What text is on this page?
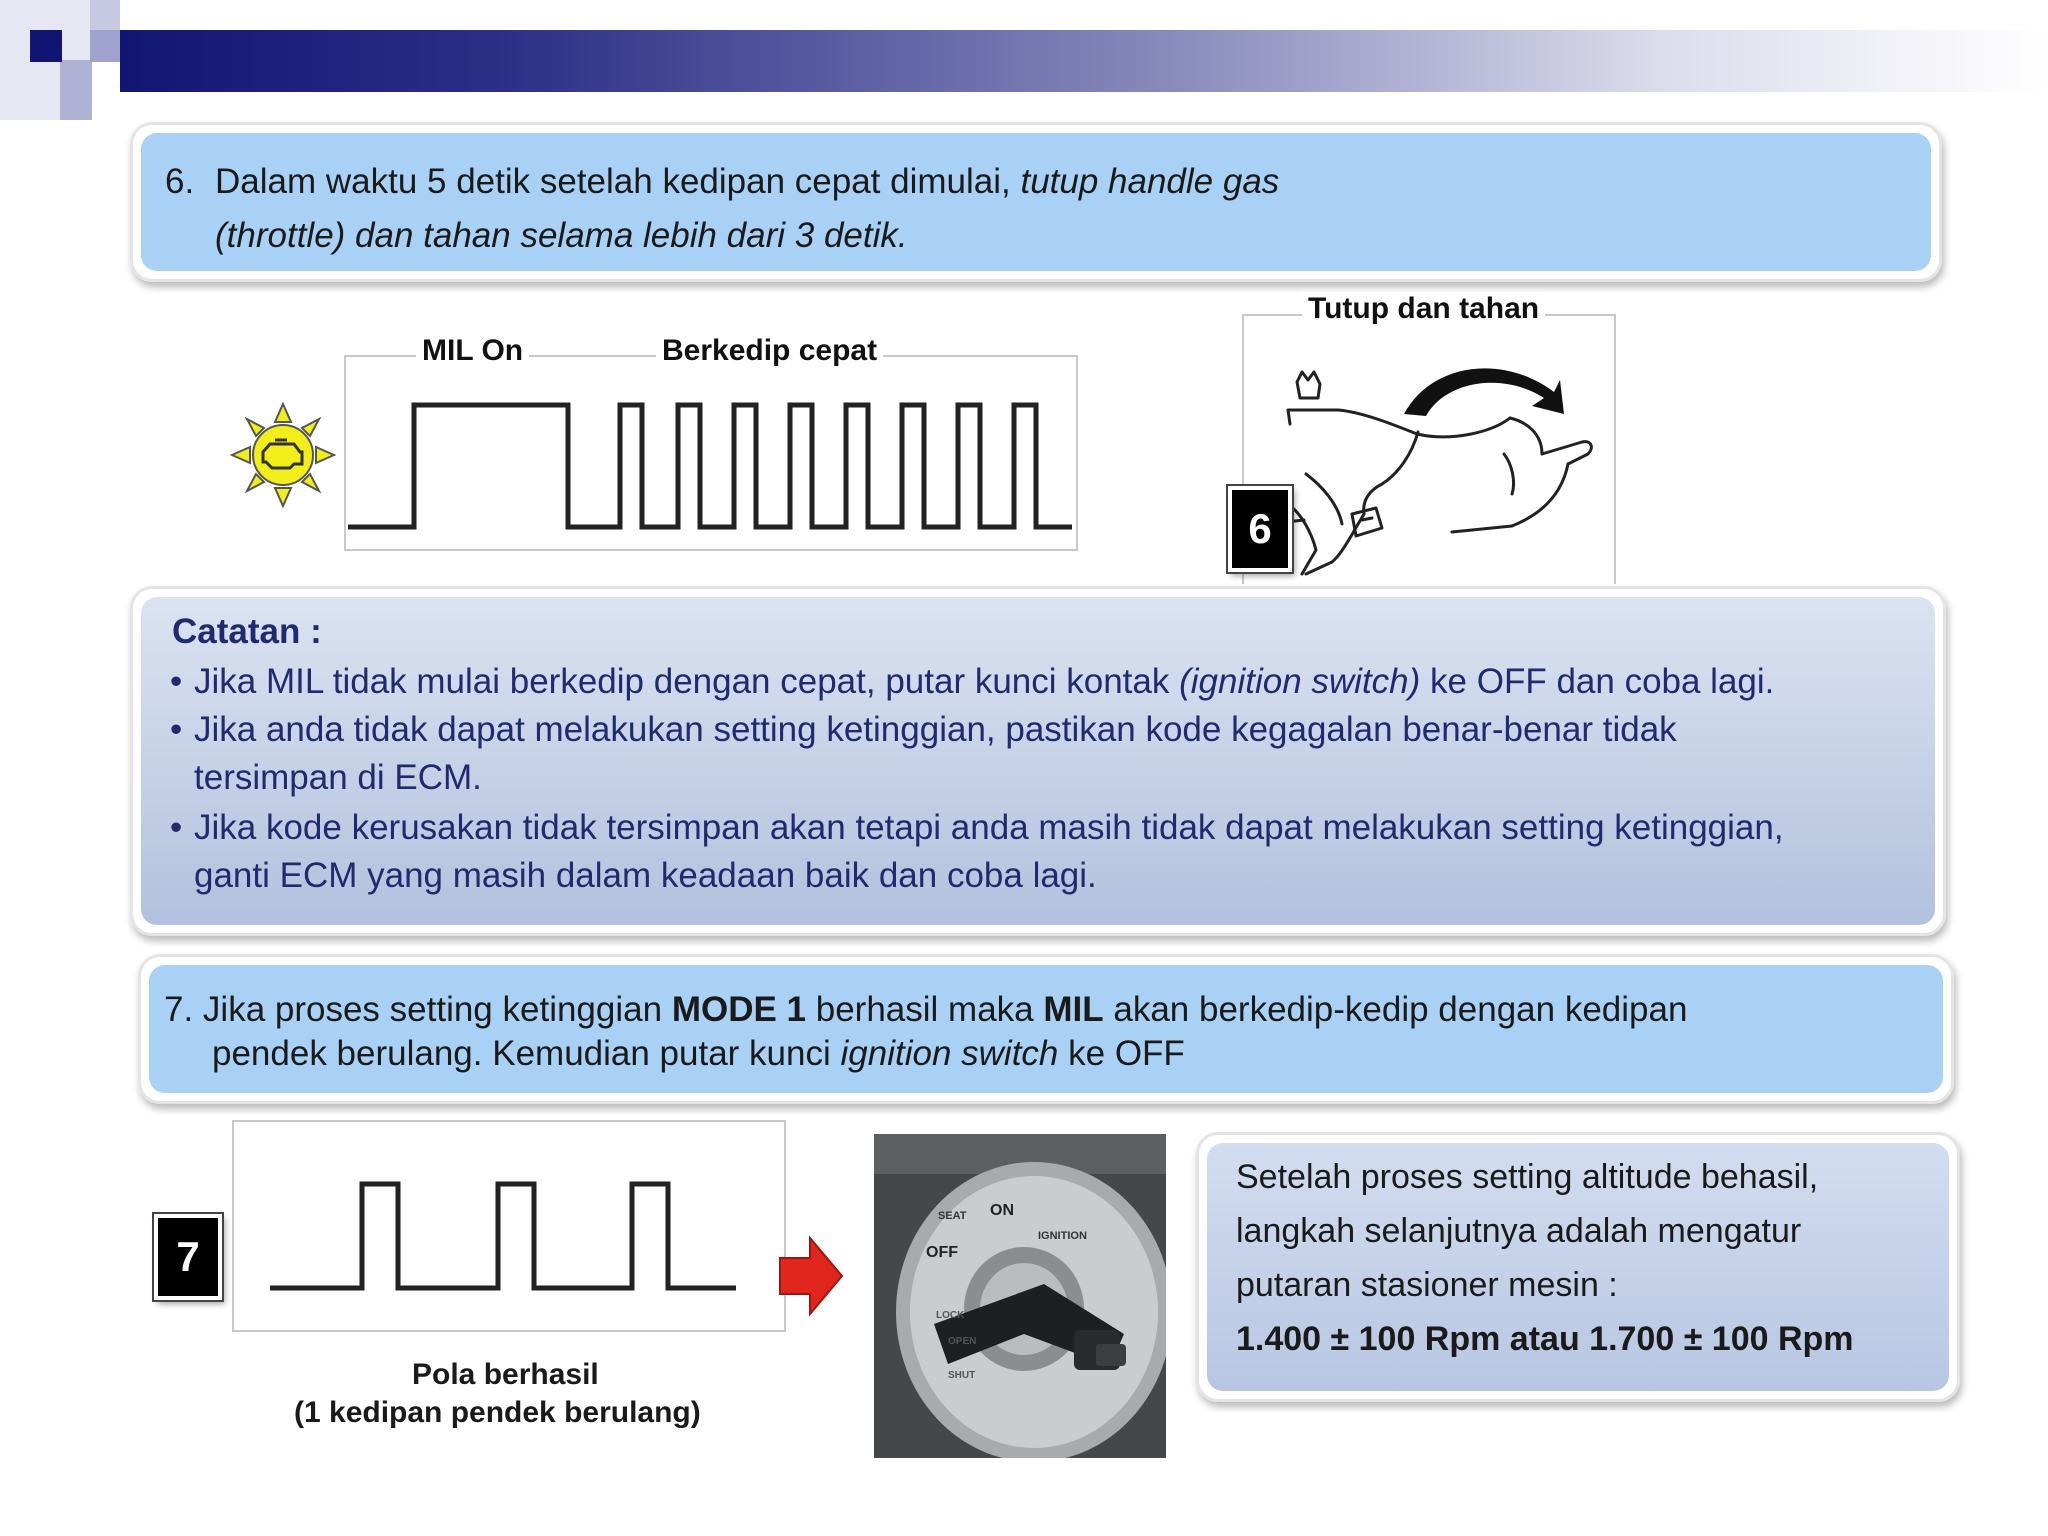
6. Dalam waktu 5 detik setelah kedipan cepat dimulai, tutup handle gas
(throttle) dan tahan selama lebih dari 3 detik.
MIL On	Berkedip cepat
Tutup dan tahan
6
Catatan :
• Jika MIL tidak mulai berkedip dengan cepat, putar kunci kontak (ignition switch) ke OFF dan coba lagi.
• Jika anda tidak dapat melakukan setting ketinggian, pastikan kode kegagalan benar-benar tidak
tersimpan di ECM.
• Jika kode kerusakan tidak tersimpan akan tetapi anda masih tidak dapat melakukan setting ketinggian,
ganti ECM yang masih dalam keadaan baik dan coba lagi.
7. Jika proses setting ketinggian MODE 1 berhasil maka MIL akan berkedip-kedip dengan kedipan
pendek berulang. Kemudian putar kunci ignition switch ke OFF
7
Pola berhasil
(1 kedipan pendek berulang)
SEAT ON
IGNITION
OFF
LOCK
OPEN
SHUT
Setelah proses setting altitude behasil,
langkah selanjutnya adalah mengatur
putaran stasioner mesin :
1.400 ± 100 Rpm atau 1.700 ± 100 Rpm
